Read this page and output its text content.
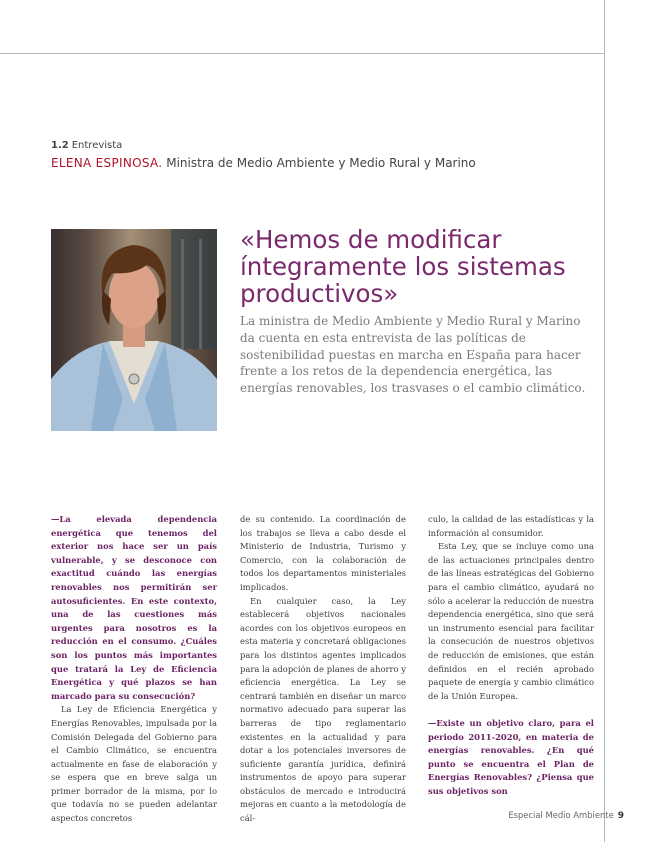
1.2 Entrevista
ELENA ESPINOSA. Ministra de Medio Ambiente y Medio Rural y Marino
«Hemos de modificar íntegramente los sistemas productivos»

La ministra de Medio Ambiente y Medio Rural y Marino da cuenta en esta entrevista de las políticas de sostenibilidad puestas en marcha en España para hacer frente a los retos de la dependencia energética, las energías renovables, los trasvases o el cambio climático.

—La elevada dependencia energética que tenemos del exterior nos hace ser un país vulnerable, y se desconoce con exactitud cuándo las energías renovables nos permitirán ser autosuficientes. En este contexto, una de las cuestiones más urgentes para nosotros es la reducción en el consumo. ¿Cuáles son los puntos más importantes que tratará la Ley de Eficiencia Energética y qué plazos se han marcado para su consecución?

La Ley de Eficiencia Energética y Energías Renovables, impulsada por la Comisión Delegada del Gobierno para el Cambio Climático, se encuentra actualmente en fase de elaboración y se espera que en breve salga un primer borrador de la misma, por lo que todavía no se pueden adelantar aspectos concretos

de su contenido. La coordinación de los trabajos se lleva a cabo desde el Ministerio de Industria, Turismo y Comercio, con la colaboración de todos los departamentos ministeriales implicados.

En cualquier caso, la Ley establecerá objetivos nacionales acordes con los objetivos europeos en esta materia y concretará obligaciones para los distintos agentes implicados para la adopción de planes de ahorro y eficiencia energética. La Ley se centrará también en diseñar un marco normativo adecuado para superar las barreras de tipo reglamentario existentes en la actualidad y para dotar a los potenciales inversores de suficiente garantía jurídica, definirá instrumentos de apoyo para superar obstáculos de mercado e introducirá mejoras en cuanto a la metodología de cál-

culo, la calidad de las estadísticas y la información al consumidor.

Esta Ley, que se incluye como una de las actuaciones principales dentro de las líneas estratégicas del Gobierno para el cambio climático, ayudará no sólo a acelerar la reducción de nuestra dependencia energética, sino que será un instrumento esencial para facilitar la consecución de nuestros objetivos de reducción de emisiones, que están definidos en el recién aprobado paquete de energía y cambio climático de la Unión Europea.

—Existe un objetivo claro, para el periodo 2011-2020, en materia de energías renovables. ¿En qué punto se encuentra el Plan de Energías Renovables? ¿Piensa que sus objetivos son

Especial Medio Ambiente 9
